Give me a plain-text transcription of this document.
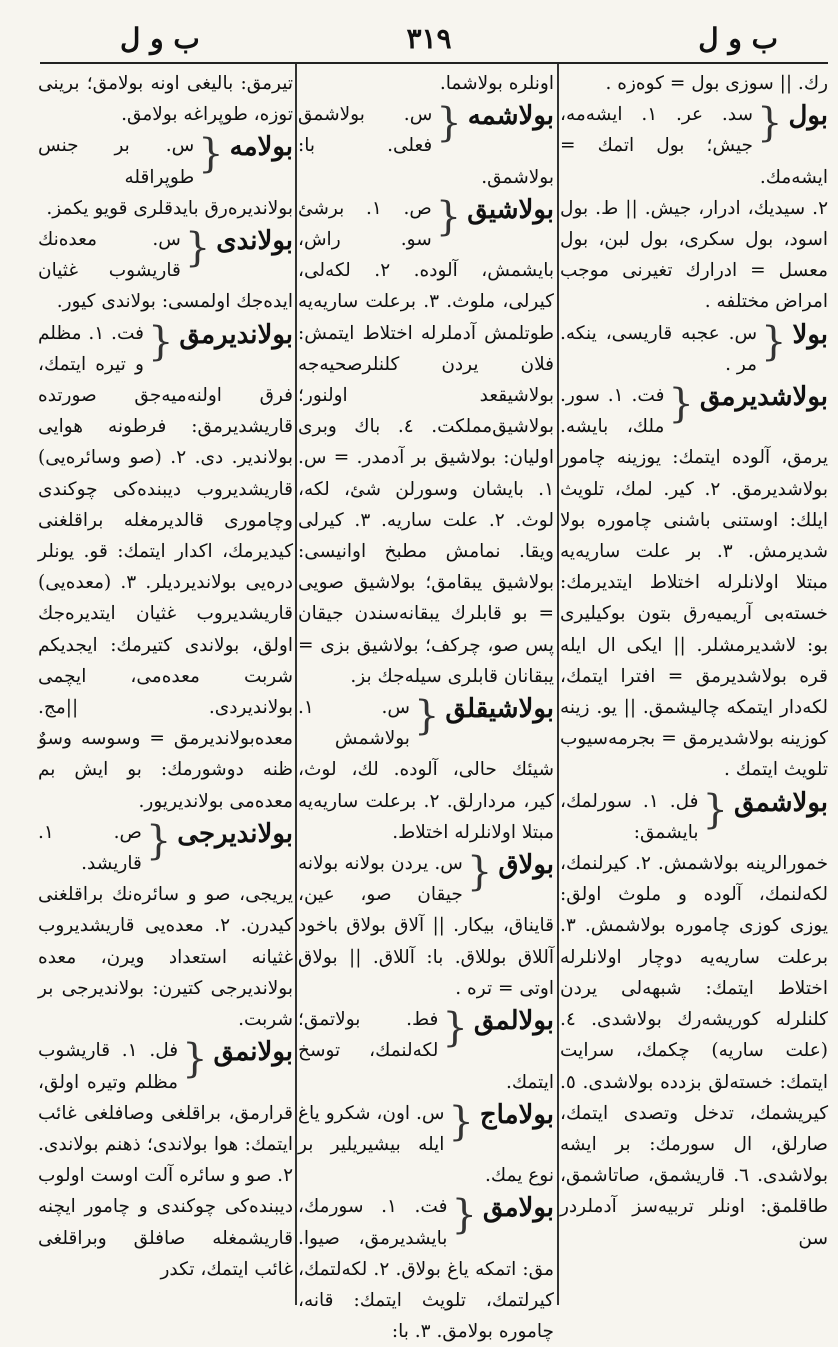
ب و ل
٣١٩
ب و ل
رك. || سوزی بول = کوەزه .
بول
{
سد. عر. ١. ايشەمه، جيش؛ بول اتمك = ايشەمك.
٢. سيديك، ادرار، جيش. || ط. بول اسود، بول سكری، بول لبن، بول معسل = ادرارك تغيرنى موجب امراض مختلفه .
بولا
{
س. عجبه قاريسى، ينكه. مر .
بولاشديرمق
{
فت. ١. سور. ملك، بايشه. يرمق، آلوده ايتمك: يوزينه چامور بولاشديرمق. ٢. كير. لمك، تلويث ايلك: اوستنى باشنى چاموره بولا شديرمش. ٣. بر علت ساريه‌يه مبتلا اولانلرله اختلاط ايتديرمك: خسته‌بى آريميەرق بتون بوكيليرى بو: لاشديرمشلر. || ايكى ال ايله قره بولاشديرمق = افترا ايتمك، لكەدار ايتمكه چاليشمق. || يو. زينه كوزينه بولاشديرمق = بجرمه‌سيوب تلويث ايتمك .
بولاشمق
{
فل. ١. سورلمك، بايشمق: خمورالرينه بولاشمش. ٢. كيرلنمك، لكەلنمك، آلوده و ملوث اولق: يوزى كوزى چاموره بولاشمش. ٣. برعلت ساريه‌يه دوچار اولانلرله اختلاط ايتمك: شبهه‌لى يردن كلنلرله كوريشەرك بولاشدى. ٤. (علت ساريه) چكمك، سرايت ايتمك: خسته‌لق بزدده بولاشدى. ٥. كيريشمك، تدخل وتصدى ايتمك، صارلق، ال سورمك: بر ايشه بولاشدى. ٦. قاريشمق، صاتاشمق، طاقلمق: اونلر تربيه‌سز آدملردر سن
اونلره بولاشما.
بولاشمه
{
س. بولاشمق فعلى. با: بولاشمق.
بولاشيق
{
ص. ١. برشئ سو. راش، بايشمش، آلوده. ٢. لكەلى، كيرلى، ملوث. ٣. برعلت ساريه‌يه طوتلمش آدملرله اختلاط ايتمش: فلان يردن كلنلرصحيه‌جه بولاشيقعد اولنور؛ بولاشيق‌مملكت. ٤. باك وبرى اوليان: بولاشيق بر آدمدر. = س. ١. بايشان وسورلن شئ، لكه، لوث. ٢. علت ساريه. ٣. كيرلى ويقا. نمامش مطبخ اوانيسى: بولاشيق يبقامق؛ بولاشيق صويى = بو قابلرك يبقانه‌سندن جيقان پس صو، چركف؛ بولاشيق بزى = يبقانان قابلرى سيله‌جك بز.
بولاشيقلق
{
س. ١. بولاشمش شيئك حالى، آلوده. لك، لوث، كير، مردارلق. ٢. برعلت ساريه‌يه مبتلا اولانلرله اختلاط.
بولاق
{
س. يردن بولانه بولانه جيقان صو، عين، قايناق، بيكار. || آلاق بولاق باخود آللاق بوللاق. با: آللاق. || بولاق اوتى = تره .
بولالمق
{
فط. بولاتمق؛ لكه‌لنمك، توسخ ايتمك.
بولاماج
{
س. اون، شكرو ياغ ايله بيشيريلير بر نوع يمك.
بولامق
{
فت. ١. سورمك، بايشديرمق، صيوا. مق: اتمكه ياغ بولاق. ٢. لكەلتمك، كيرلتمك، تلويث ايتمك: قانه، چاموره بولامق. ٣. با:
تيرمق: باليغى اونه بولامق؛ برينى توزه، طوپراغه بولامق.
بولامه
{
س. بر جنس طوپراقله بولانديرەرق بايدقلرى قويو يكمز.
بولاندى
{
س. معده‌نك قاريشوب غثيان ايده‌جك اولمسى: بولاندى كيور.
بولانديرمق
{
فت. ١. مظلم و تيره ايتمك، فرق اولنه‌ميه‌جق صورتده قاريشديرمق: فرطونه هوايى بولاندير. دى. ٢. (صو وسائره‌يى) قاريشديروب ديبنده‌كى چوكندى وچامورى قالديرمغله براقلغنى كيديرمك، اكدار ايتمك: قو. يونلر درەيى بولانديرديلر. ٣. (معده‌يى) قاريشديروب غثيان ايتديره‌جك اولق، بولاندى كتيرمك: ايجديكم شربت معده‌مى، ايچمى بولانديردى. ||مج. معده‌بولانديرمق = وسوسه وسوٌ ظنه دوشورمك: بو ايش بم معده‌مى بولانديريور.
بولانديرجى
{
ص. ١. قاريشد. يريجى، صو و سائره‌نك براقلغنى كيدرن. ٢. معده‌يى قاريشديروب غثيانه استعداد ويرن، معده بولانديرجى كتيرن: بولانديرجى بر شربت.
بولانمق
{
فل. ١. قاريشوب مظلم وتيره اولق، قرارمق، براقلغى وصافلغى غائب ايتمك: هوا بولاندى؛ ذهنم بولاندى. ٢. صو و سائره آلت اوست اولوب ديبنده‌كى چوكندى و چامور ايچنه قاريشمغله صافلق وبراقلغى غائب ايتمك، تكدر
